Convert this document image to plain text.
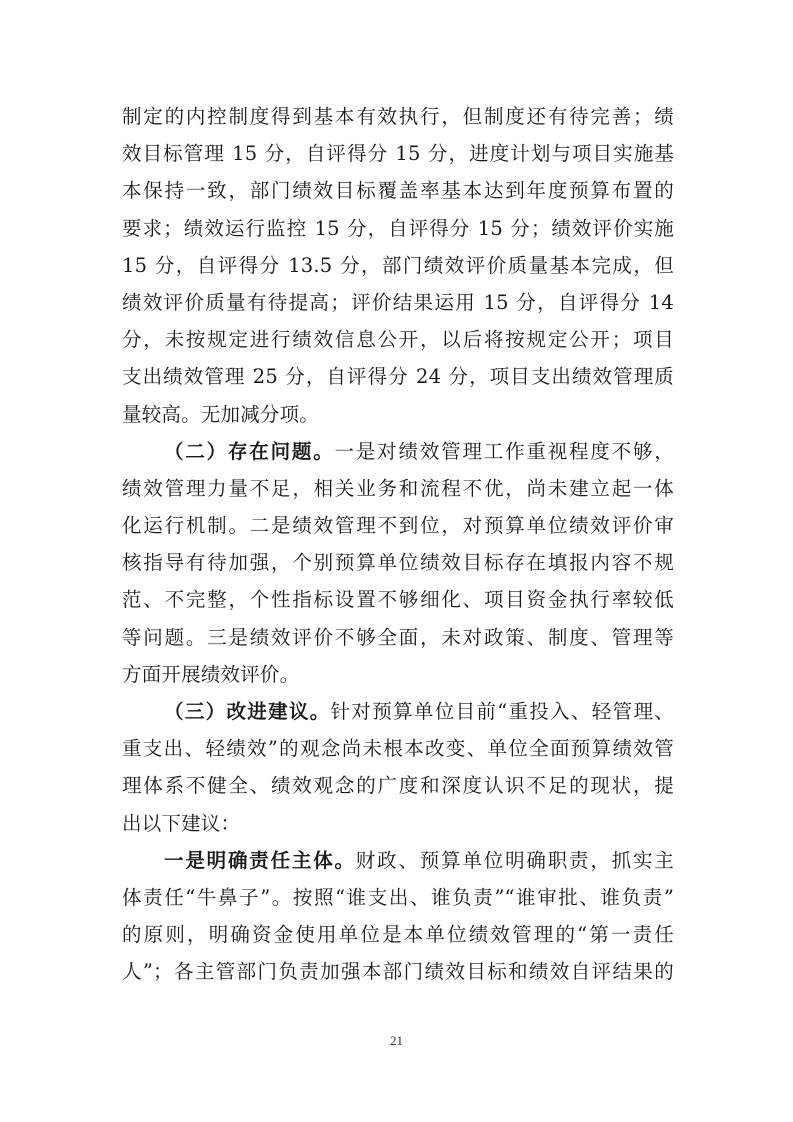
制定的内控制度得到基本有效执行，但制度还有待完善；绩
效目标管理 15 分，自评得分 15 分，进度计划与项目实施基
本保持一致，部门绩效目标覆盖率基本达到年度预算布置的
要求；绩效运行监控 15 分，自评得分 15 分；绩效评价实施
15 分，自评得分 13.5 分，部门绩效评价质量基本完成，但
绩效评价质量有待提高；评价结果运用 15 分，自评得分 14
分，未按规定进行绩效信息公开，以后将按规定公开；项目
支出绩效管理 25 分，自评得分 24 分，项目支出绩效管理质
量较高。无加减分项。
（二）存在问题。一是对绩效管理工作重视程度不够，
绩效管理力量不足，相关业务和流程不优，尚未建立起一体
化运行机制。二是绩效管理不到位，对预算单位绩效评价审
核指导有待加强，个别预算单位绩效目标存在填报内容不规
范、不完整，个性指标设置不够细化、项目资金执行率较低
等问题。三是绩效评价不够全面，未对政策、制度、管理等
方面开展绩效评价。
（三）改进建议。针对预算单位目前“重投入、轻管理、
重支出、轻绩效”的观念尚未根本改变、单位全面预算绩效管
理体系不健全、绩效观念的广度和深度认识不足的现状，提
出以下建议：
一是明确责任主体。财政、预算单位明确职责，抓实主
体责任“牛鼻子”。按照“谁支出、谁负责”“谁审批、谁负责”
的原则，明确资金使用单位是本单位绩效管理的“第一责任
人”；各主管部门负责加强本部门绩效目标和绩效自评结果的
21
